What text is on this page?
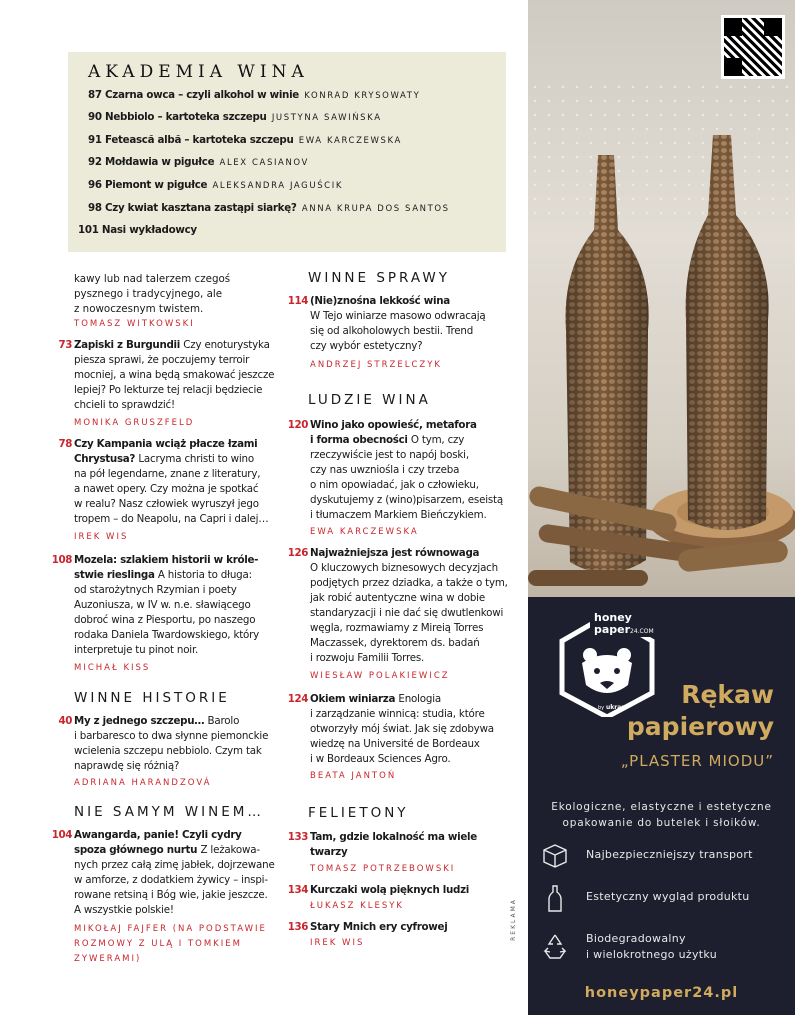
AKADEMIA WINA
87 Czarna owca – czyli alkohol w winie KONRAD KRYSOWATY
90 Nebbiolo – kartoteka szczepu JUSTYNA SAWIŃSKA
91 Fetească albă – kartoteka szczepu EWA KARCZEWSKA
92 Mołdawia w pigułce ALEX CASIANOV
96 Piemont w pigułce ALEKSANDRA JAGUŚCIK
98 Czy kwiat kasztana zastąpi siarkę? ANNA KRUPA DOS SANTOS
101 Nasi wykładowcy
kawy lub nad talerzem czegoś
pysznego i tradycyjnego, ale
z nowoczesnym twistem.
TOMASZ WITKOWSKI
73 Zapiski z Burgundii Czy enoturystyka
piesza sprawi, że poczujemy terroir
mocniej, a wina będą smakować jeszcze
lepiej? Po lekturze tej relacji będziecie
chcieli to sprawdzić!
MONIKA GRUSZFELD
78 Czy Kampania wciąż płacze łzami
Chrystusa? Lacryma christi to wino
na pół legendarne, znane z literatury,
a nawet opery. Czy można je spotkać
w realu? Nasz człowiek wyruszył jego
tropem – do Neapolu, na Capri i dalej…
IREK WIS
108 Mozela: szlakiem historii w króle-
stwie rieslinga A historia to długa:
od starożytnych Rzymian i poety
Auzoniusza, w IV w. n.e. sławiącego
dobroć wina z Piesportu, po naszego
rodaka Daniela Twardowskiego, który
interpretuje tu pinot noir.
MICHAŁ KISS
WINNE HISTORIE
40 My z jednego szczepu… Barolo
i barbaresco to dwa słynne piemonckie
wcielenia szczepu nebbiolo. Czym tak
naprawdę się różnią?
ADRIANA HARANDZOVÁ
NIE SAMYM WINEM…
104 Awangarda, panie! Czyli cydry
spoza głównego nurtu Z leżakowa-
nych przez całą zimę jabłek, dojrzewane
w amforze, z dodatkiem żywicy – inspi-
rowane retsiną i Bóg wie, jakie jeszcze.
A wszystkie polskie!
MIKOŁAJ FAJFER (NA PODSTAWIE
ROZMOWY Z ULĄ I TOMKIEM
ZYWERAMI)
WINNE SPRAWY
114 (Nie)znośna lekkość wina
W Tejo winiarze masowo odwracają
się od alkoholowych bestii. Trend
czy wybór estetyczny?
ANDRZEJ STRZELCZYK
LUDZIE WINA
120 Wino jako opowieść, metafora
i forma obecności O tym, czy
rzeczywiście jest to napój boski,
czy nas uwzniośla i czy trzeba
o nim opowiadać, jak o człowieku,
dyskutujemy z (wino)pisarzem, eseistą
i tłumaczem Markiem Bieńczykiem.
EWA KARCZEWSKA
126 Najważniejsza jest równowaga
O kluczowych biznesowych decyzjach
podjętych przez dziadka, a także o tym,
jak robić autentyczne wina w dobie
standaryzacji i nie dać się dwutlenkowi
węgla, rozmawiamy z Mireią Torres
Maczassek, dyrektorem ds. badań
i rozwoju Familii Torres.
WIESŁAW POLAKIEWICZ
124 Okiem winiarza Enologia
i zarządzanie winnicą: studia, które
otworzyły mój świat. Jak się zdobywa
wiedzę na Université de Bordeaux
i w Bordeaux Sciences Agro.
BEATA JANTOŃ
FELIETONY
133 Tam, gdzie lokalność ma wiele
twarzy
TOMASZ POTRZEBOWSKI
134 Kurczaki wolą pięknych ludzi
ŁUKASZ KLESYK
136 Stary Mnich ery cyfrowej
IREK WIS
REKLAMA
honey
paper 24.COM
by ukram	Rękaw
papierowy
„PLASTER MIODU”
Ekologiczne, elastyczne i estetyczne
opakowanie do butelek i słoików.
Najbezpieczniejszy transport
Estetyczny wygląd produktu
Biodegradowalny
i wielokrotnego użytku
honeypaper24.pl
